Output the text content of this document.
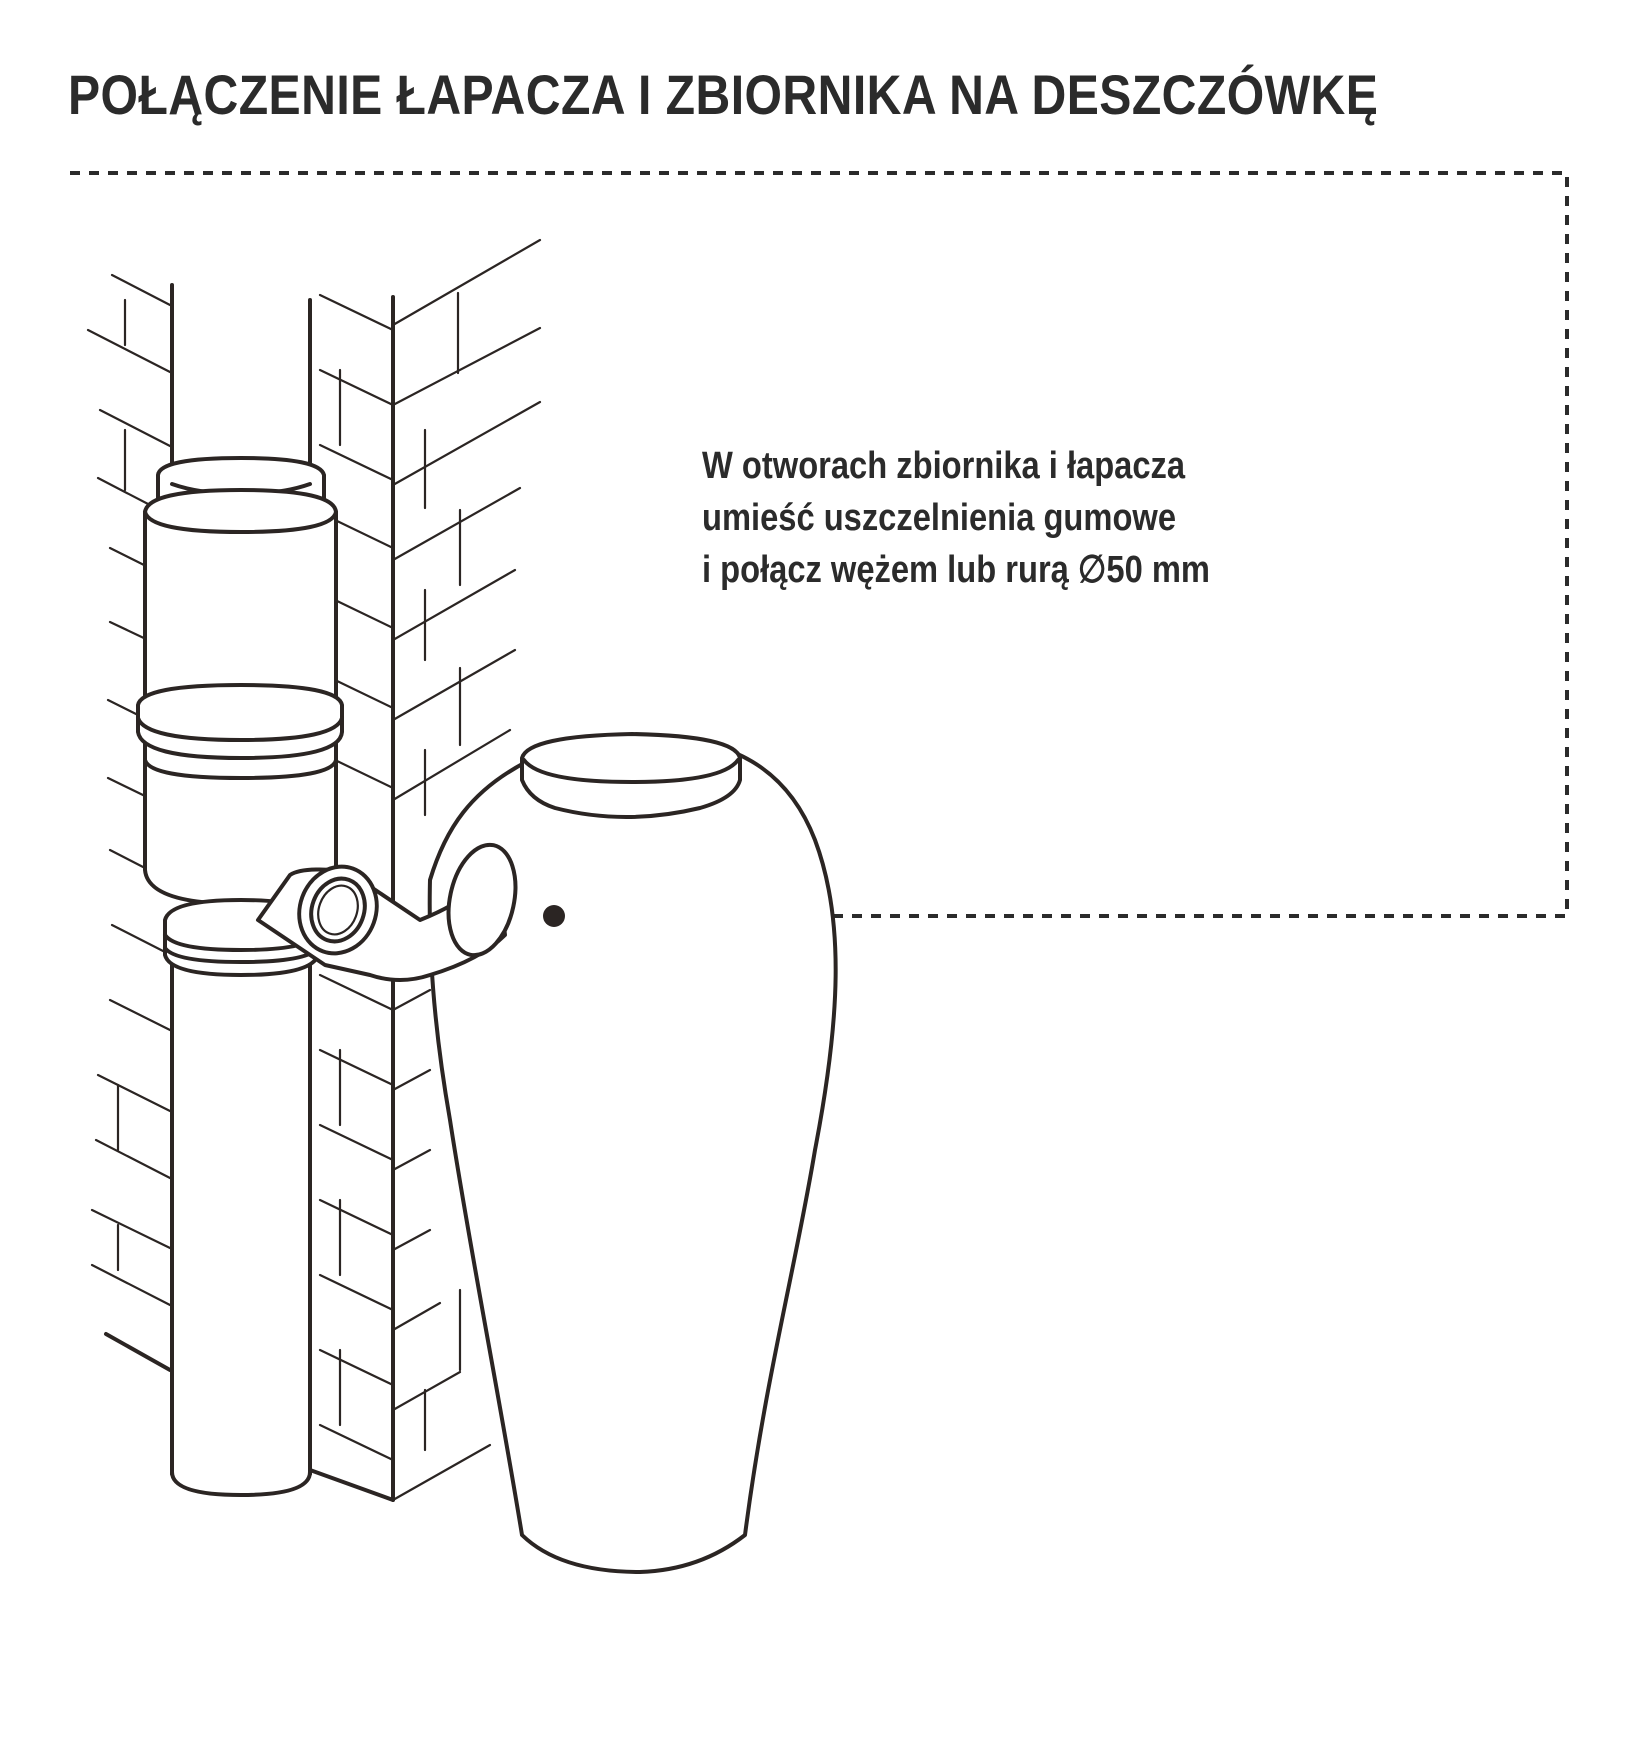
POŁĄCZENIE ŁAPACZA I ZBIORNIKA NA DESZCZÓWKĘ
W otworach zbiornika i łapacza
umieść uszczelnienia gumowe
i połącz wężem lub rurą ∅50 mm
